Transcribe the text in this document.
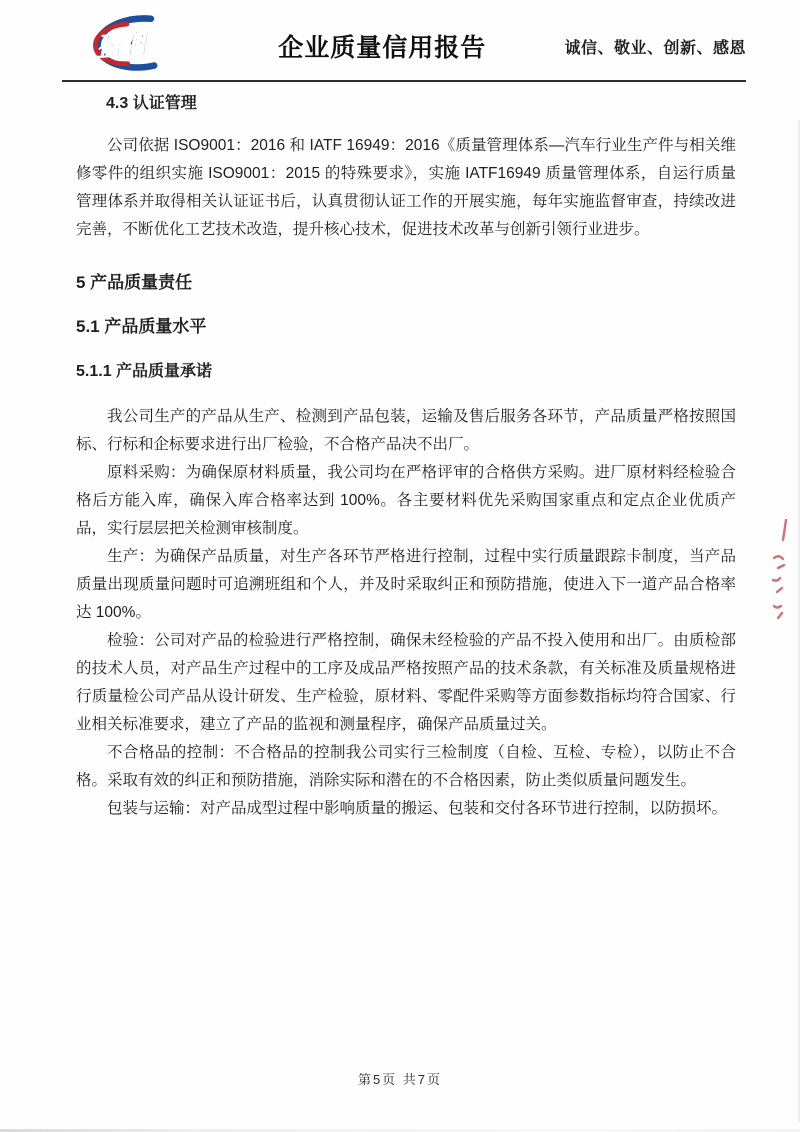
盈科	企业质量信用报告	诚信、敬业、创新、感恩
4.3 认证管理

公司依据 ISO9001：2016 和 IATF 16949：2016《质量管理体系—汽车行业生产件与相关维修零件的组织实施 ISO9001：2015 的特殊要求》，实施 IATF16949 质量管理体系，自运行质量管理体系并取得相关认证证书后，认真贯彻认证工作的开展实施，每年实施监督审查，持续改进完善，不断优化工艺技术改造，提升核心技术，促进技术改革与创新引领行业进步。

5 产品质量责任
5.1 产品质量水平
5.1.1 产品质量承诺

我公司生产的产品从生产、检测到产品包装，运输及售后服务各环节，产品质量严格按照国标、行标和企标要求进行出厂检验，不合格产品决不出厂。

原料采购：为确保原材料质量，我公司均在严格评审的合格供方采购。进厂原材料经检验合格后方能入库，确保入库合格率达到 100%。各主要材料优先采购国家重点和定点企业优质产品，实行层层把关检测审核制度。

生产：为确保产品质量，对生产各环节严格进行控制，过程中实行质量跟踪卡制度，当产品质量出现质量问题时可追溯班组和个人，并及时采取纠正和预防措施，使进入下一道产品合格率达 100%。

检验：公司对产品的检验进行严格控制，确保未经检验的产品不投入使用和出厂。由质检部的技术人员，对产品生产过程中的工序及成品严格按照产品的技术条款，有关标准及质量规格进行质量检公司产品从设计研发、生产检验，原材料、零配件采购等方面参数指标均符合国家、行业相关标准要求，建立了产品的监视和测量程序，确保产品质量过关。

不合格品的控制：不合格品的控制我公司实行三检制度（自检、互检、专检），以防止不合格。采取有效的纠正和预防措施，消除实际和潜在的不合格因素，防止类似质量问题发生。

包装与运输：对产品成型过程中影响质量的搬运、包装和交付各环节进行控制，以防损坏。

第5页 共7页
